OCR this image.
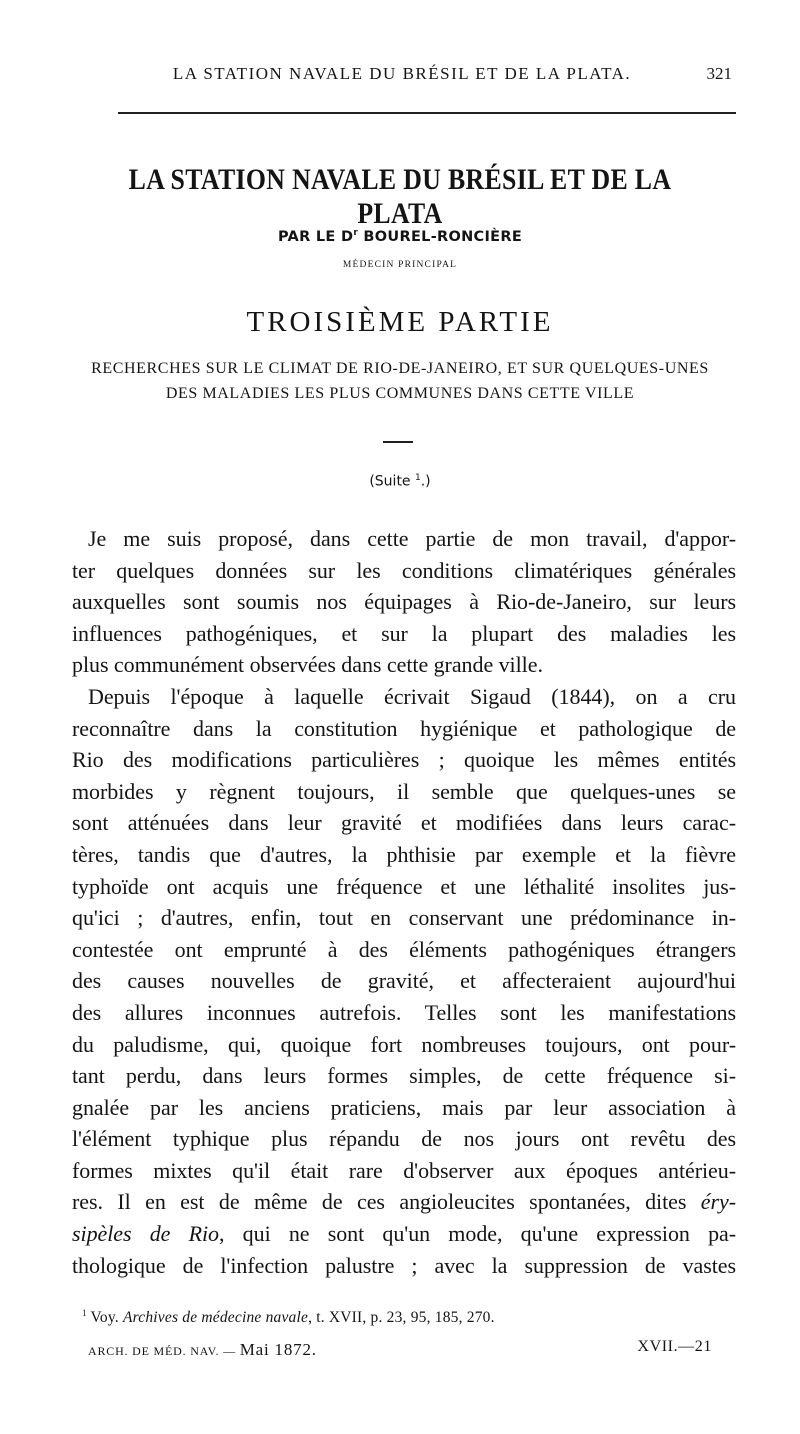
LA STATION NAVALE DU BRÉSIL ET DE LA PLATA.	321
LA STATION NAVALE DU BRÉSIL ET DE LA PLATA
PAR LE $D^r$ BOUREL-RONCIÈRE
MÉDECIN PRINCIPAL
TROISIÈME PARTIE
RECHERCHES SUR LE CLIMAT DE RIO-DE-JANEIRO, ET SUR QUELQUES-UNES
DES MALADIES LES PLUS COMMUNES DANS CETTE VILLE
(Suite $^1$.)
Je me suis proposé, dans cette partie de mon travail, d'appor-
ter quelques données sur les conditions climatériques générales
auxquelles sont soumis nos équipages à Rio-de-Janeiro, sur leurs
influences pathogéniques, et sur la plupart des maladies les
plus communément observées dans cette grande ville.
Depuis l'époque à laquelle écrivait Sigaud (1844), on a cru
reconnaître dans la constitution hygiénique et pathologique de
Rio des modifications particulières ; quoique les mêmes entités
morbides y règnent toujours, il semble que quelques-unes se
sont atténuées dans leur gravité et modifiées dans leurs carac-
tères, tandis que d'autres, la phthisie par exemple et la fièvre
typhoïde ont acquis une fréquence et une léthalité insolites jus-
qu'ici ; d'autres, enfin, tout en conservant une prédominance in-
contestée ont emprunté à des éléments pathogéniques étrangers
des causes nouvelles de gravité, et affecteraient aujourd'hui
des allures inconnues autrefois. Telles sont les manifestations
du paludisme, qui, quoique fort nombreuses toujours, ont pour-
tant perdu, dans leurs formes simples, de cette fréquence si-
gnalée par les anciens praticiens, mais par leur association à
l'élément typhique plus répandu de nos jours ont revêtu des
formes mixtes qu'il était rare d'observer aux époques antérieu-
res. Il en est de même de ces angioleucites spontanées, dites éry-
sipèles de Rio, qui ne sont qu'un mode, qu'une expression pa-
thologique de l'infection palustre ; avec la suppression de vastes
$^1$ Voy. Archives de médecine navale, t. XVII, p. 23, 95, 185, 270.
ARCH. DE MÉD. NAV. — Mai 1872.	XVII.—21
